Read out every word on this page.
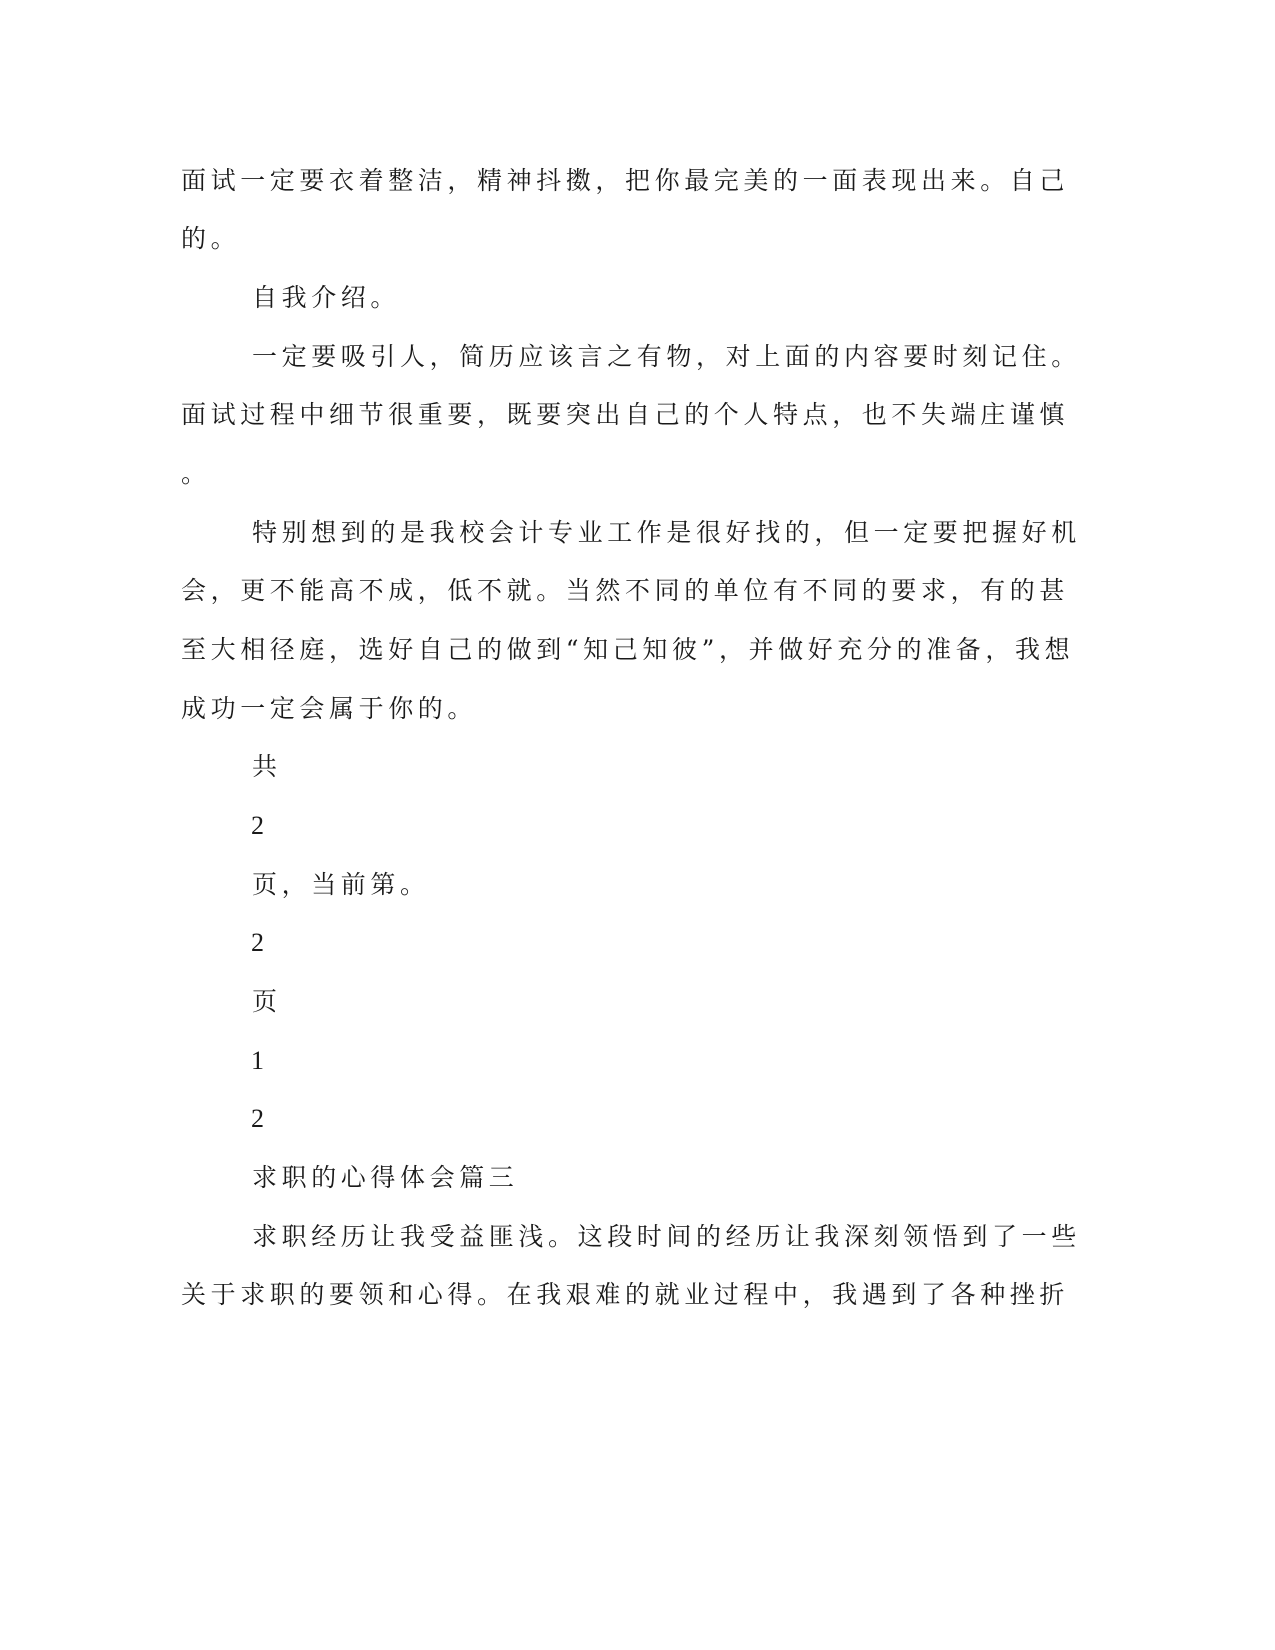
面试一定要衣着整洁，精神抖擞，把你最完美的一面表现出来。自己

的。

自我介绍。

一定要吸引人，简历应该言之有物，对上面的内容要时刻记住。

面试过程中细节很重要，既要突出自己的个人特点，也不失端庄谨慎

。

特别想到的是我校会计专业工作是很好找的，但一定要把握好机

会，更不能高不成，低不就。当然不同的单位有不同的要求，有的甚

至大相径庭，选好自己的做到“知己知彼”，并做好充分的准备，我想

成功一定会属于你的。

共

2

页，当前第。

2

页

1

2

求职的心得体会篇三

求职经历让我受益匪浅。这段时间的经历让我深刻领悟到了一些

关于求职的要领和心得。在我艰难的就业过程中，我遇到了各种挫折
